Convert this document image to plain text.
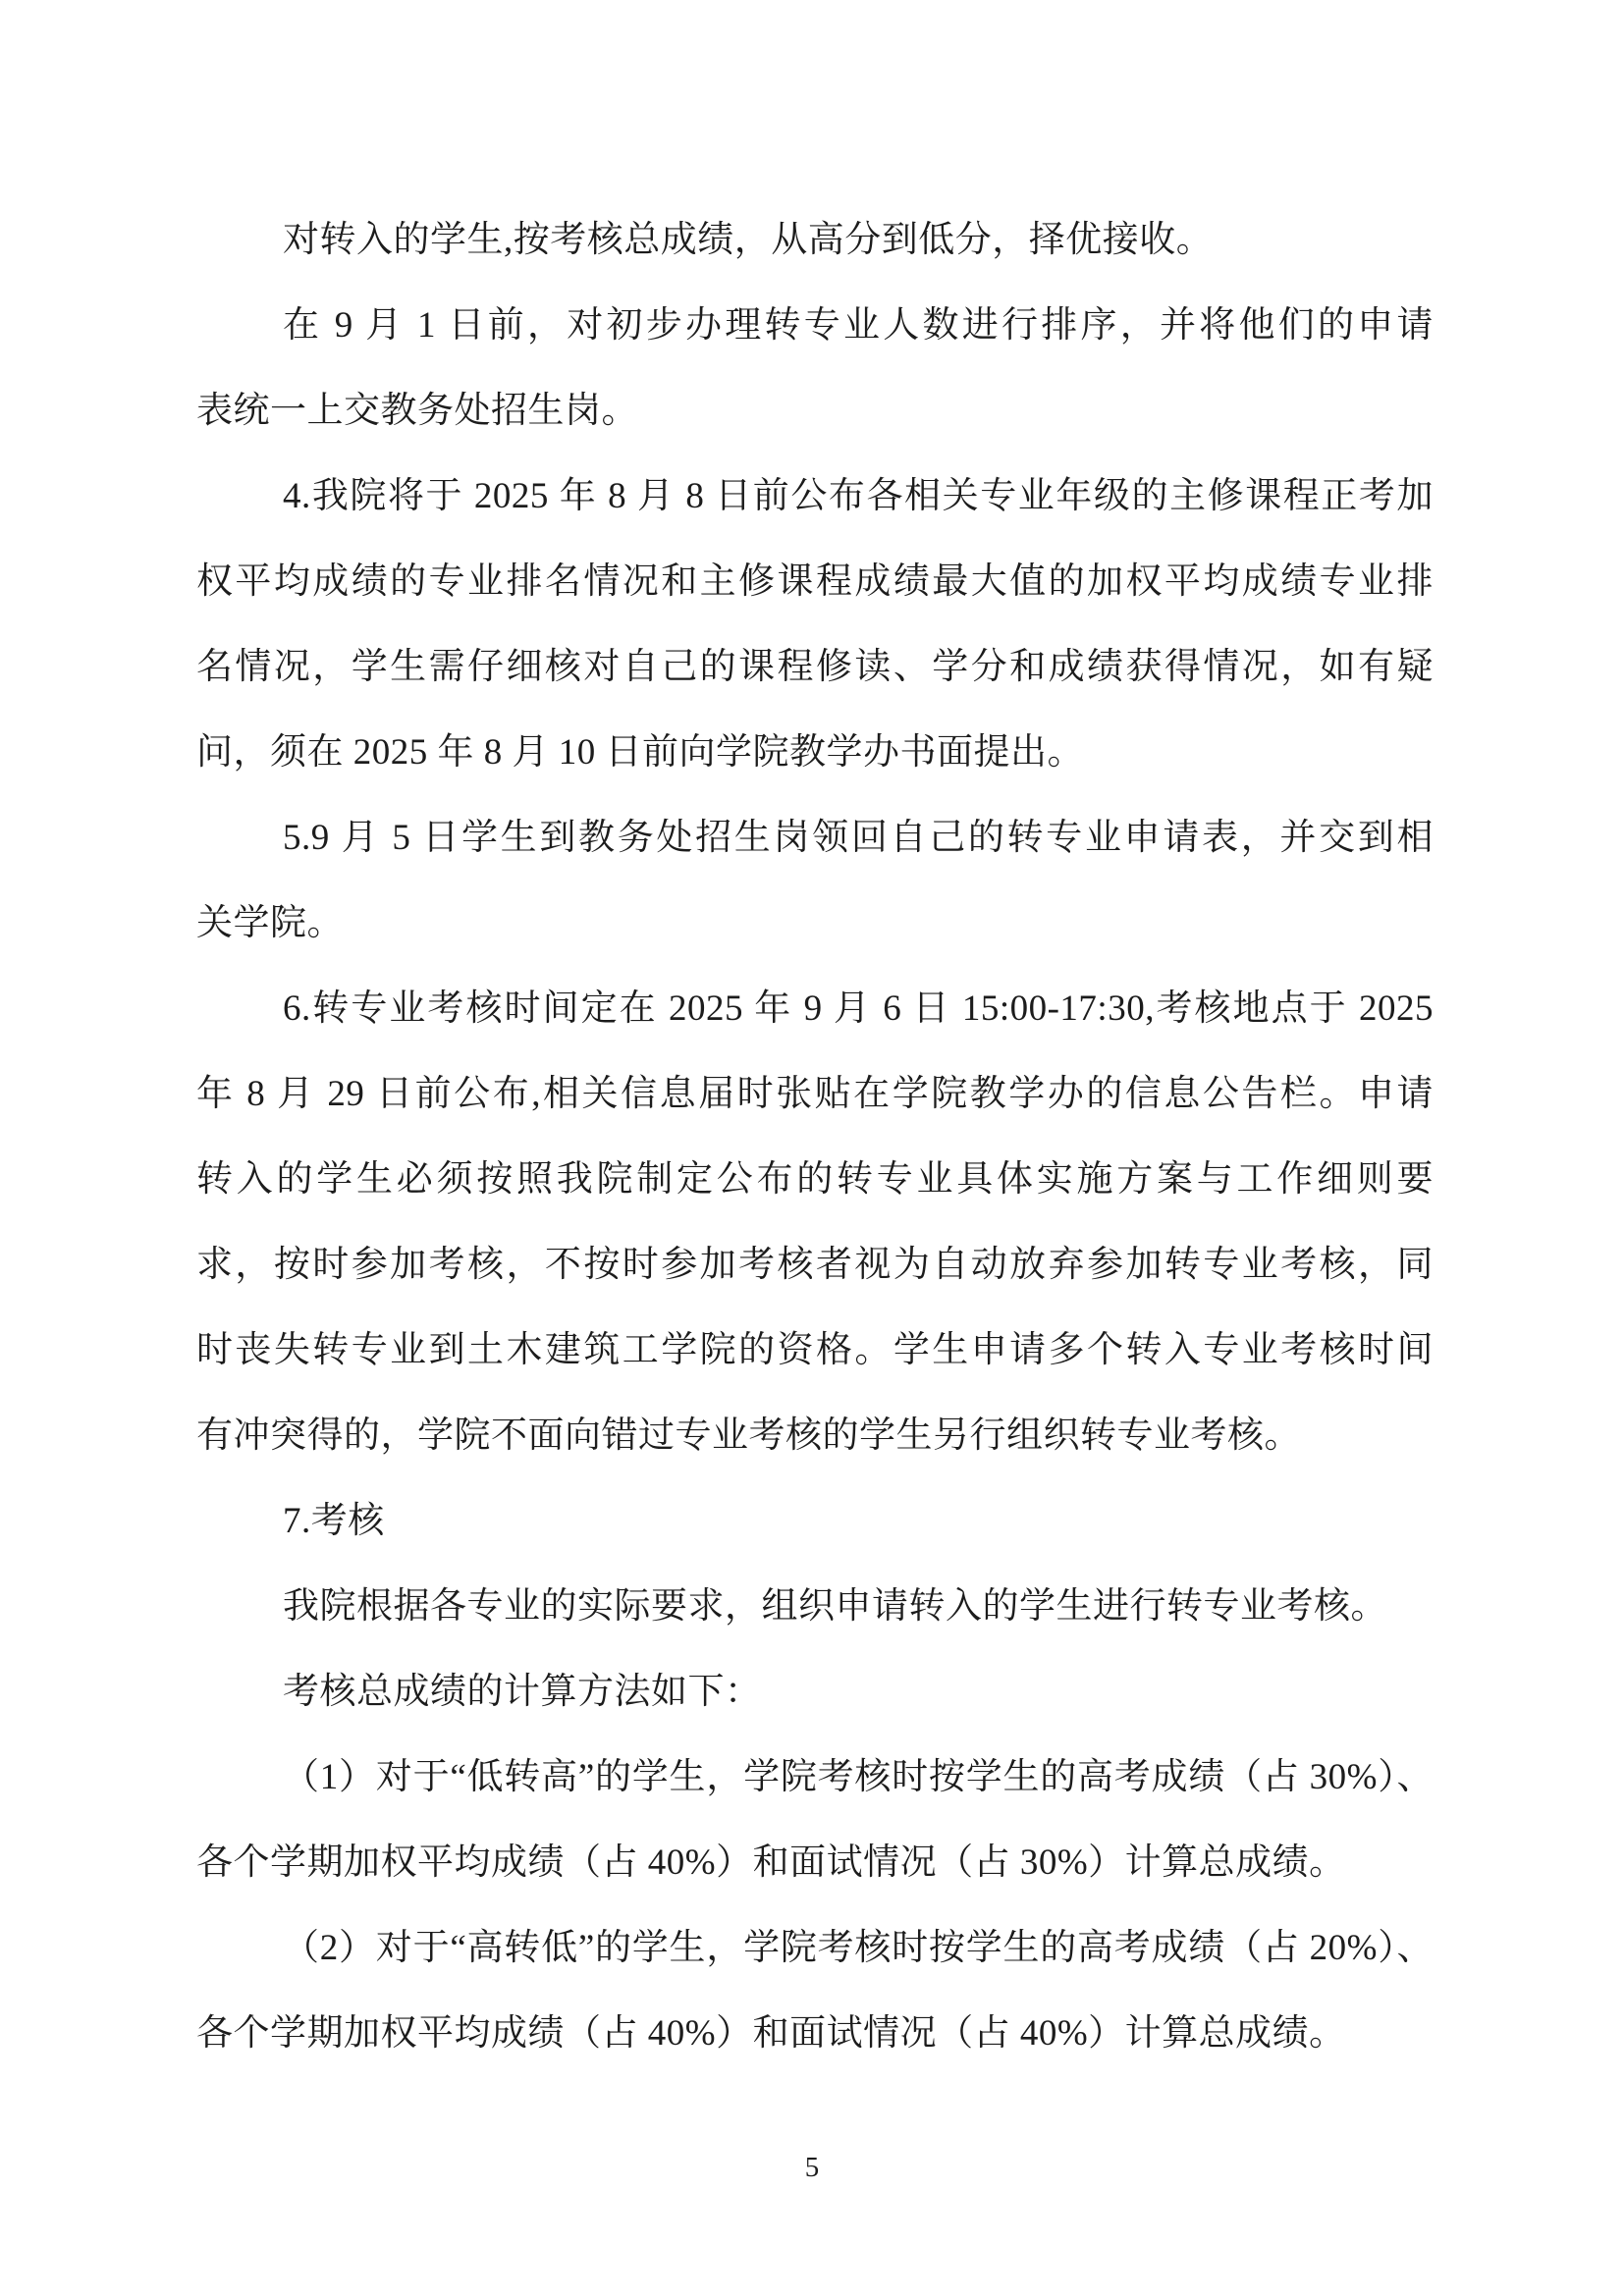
对转入的学生,按考核总成绩，从高分到低分，择优接收。
在 9 月 1 日前，对初步办理转专业人数进行排序，并将他们的申请
表统一上交教务处招生岗。
4.我院将于 2025 年 8 月 8 日前公布各相关专业年级的主修课程正考加
权平均成绩的专业排名情况和主修课程成绩最大值的加权平均成绩专业排
名情况，学生需仔细核对自己的课程修读、学分和成绩获得情况，如有疑
问，须在 2025 年 8 月 10 日前向学院教学办书面提出。
5.9 月 5 日学生到教务处招生岗领回自己的转专业申请表，并交到相
关学院。
6.转专业考核时间定在 2025 年 9 月 6 日 15:00-17:30,考核地点于 2025
年 8 月 29 日前公布,相关信息届时张贴在学院教学办的信息公告栏。申请
转入的学生必须按照我院制定公布的转专业具体实施方案与工作细则要
求，按时参加考核，不按时参加考核者视为自动放弃参加转专业考核，同
时丧失转专业到土木建筑工学院的资格。学生申请多个转入专业考核时间
有冲突得的，学院不面向错过专业考核的学生另行组织转专业考核。
7.考核
我院根据各专业的实际要求，组织申请转入的学生进行转专业考核。
考核总成绩的计算方法如下：
（1）对于“低转高”的学生，学院考核时按学生的高考成绩（占 30%）、
各个学期加权平均成绩（占 40%）和面试情况（占 30%）计算总成绩。
（2）对于“高转低”的学生，学院考核时按学生的高考成绩（占 20%）、
各个学期加权平均成绩（占 40%）和面试情况（占 40%）计算总成绩。
5
